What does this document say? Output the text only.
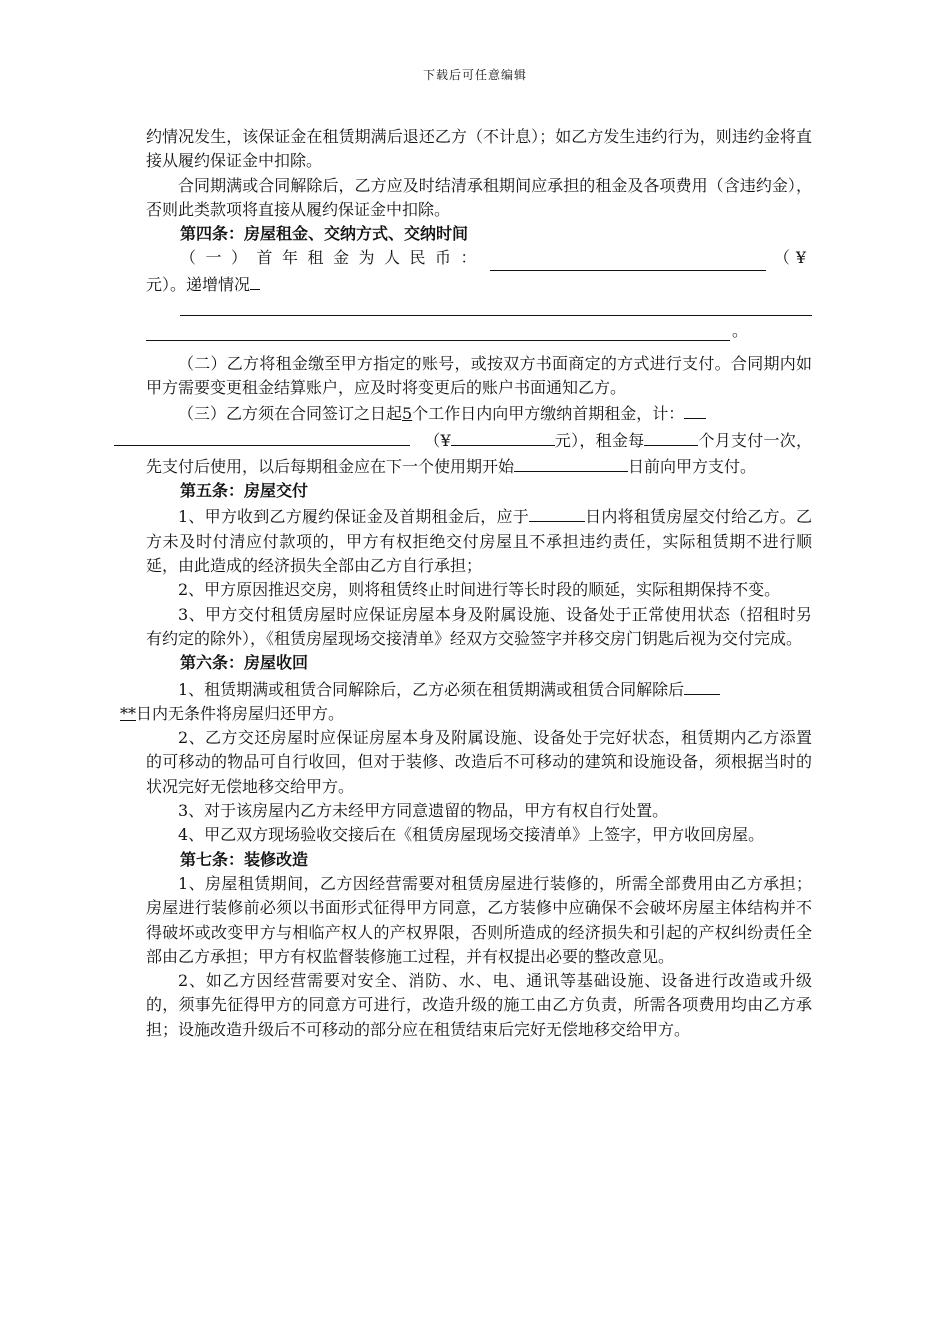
下载后可任意编辑

约情况发生，该保证金在租赁期满后退还乙方（不计息）；如乙方发生违约行为，则违约金将直接从履约保证金中扣除。

合同期满或合同解除后，乙方应及时结清承租期间应承担的租金及各项费用（含违约金），否则此类款项将直接从履约保证金中扣除。

第四条：房屋租金、交纳方式、交纳时间

（一）首年租金为人民币：	（¥

元）。递增情况

。

（二）乙方将租金缴至甲方指定的账号，或按双方书面商定的方式进行支付。合同期内如甲方需要变更租金结算账户，应及时将变更后的账户书面通知乙方。

（三）乙方须在合同签订之日起5个工作日内向甲方缴纳首期租金，计：
（¥	元），租金每	个月支付一次，先支付后使用，以后每期租金应在下一个使用期开始	日前向甲方支付。

第五条：房屋交付

1、甲方收到乙方履约保证金及首期租金后，应于	日内将租赁房屋交付给乙方。乙方未及时付清应付款项的，甲方有权拒绝交付房屋且不承担违约责任，实际租赁期不进行顺延，由此造成的经济损失全部由乙方自行承担；

2、甲方原因推迟交房，则将租赁终止时间进行等长时段的顺延，实际租期保持不变。

3、甲方交付租赁房屋时应保证房屋本身及附属设施、设备处于正常使用状态（招租时另有约定的除外），《租赁房屋现场交接清单》经双方交验签字并移交房门钥匙后视为交付完成。

第六条：房屋收回

1、租赁期满或租赁合同解除后，乙方必须在租赁期满或租赁合同解除后
**日内无条件将房屋归还甲方。

2、乙方交还房屋时应保证房屋本身及附属设施、设备处于完好状态，租赁期内乙方添置的可移动的物品可自行收回，但对于装修、改造后不可移动的建筑和设施设备，须根据当时的状况完好无偿地移交给甲方。

3、对于该房屋内乙方未经甲方同意遗留的物品，甲方有权自行处置。

4、甲乙双方现场验收交接后在《租赁房屋现场交接清单》上签字，甲方收回房屋。

第七条：装修改造

1、房屋租赁期间，乙方因经营需要对租赁房屋进行装修的，所需全部费用由乙方承担；房屋进行装修前必须以书面形式征得甲方同意，乙方装修中应确保不会破坏房屋主体结构并不得破坏或改变甲方与相临产权人的产权界限，否则所造成的经济损失和引起的产权纠纷责任全部由乙方承担；甲方有权监督装修施工过程，并有权提出必要的整改意见。

2、如乙方因经营需要对安全、消防、水、电、通讯等基础设施、设备进行改造或升级的，须事先征得甲方的同意方可进行，改造升级的施工由乙方负责，所需各项费用均由乙方承担；设施改造升级后不可移动的部分应在租赁结束后完好无偿地移交给甲方。
